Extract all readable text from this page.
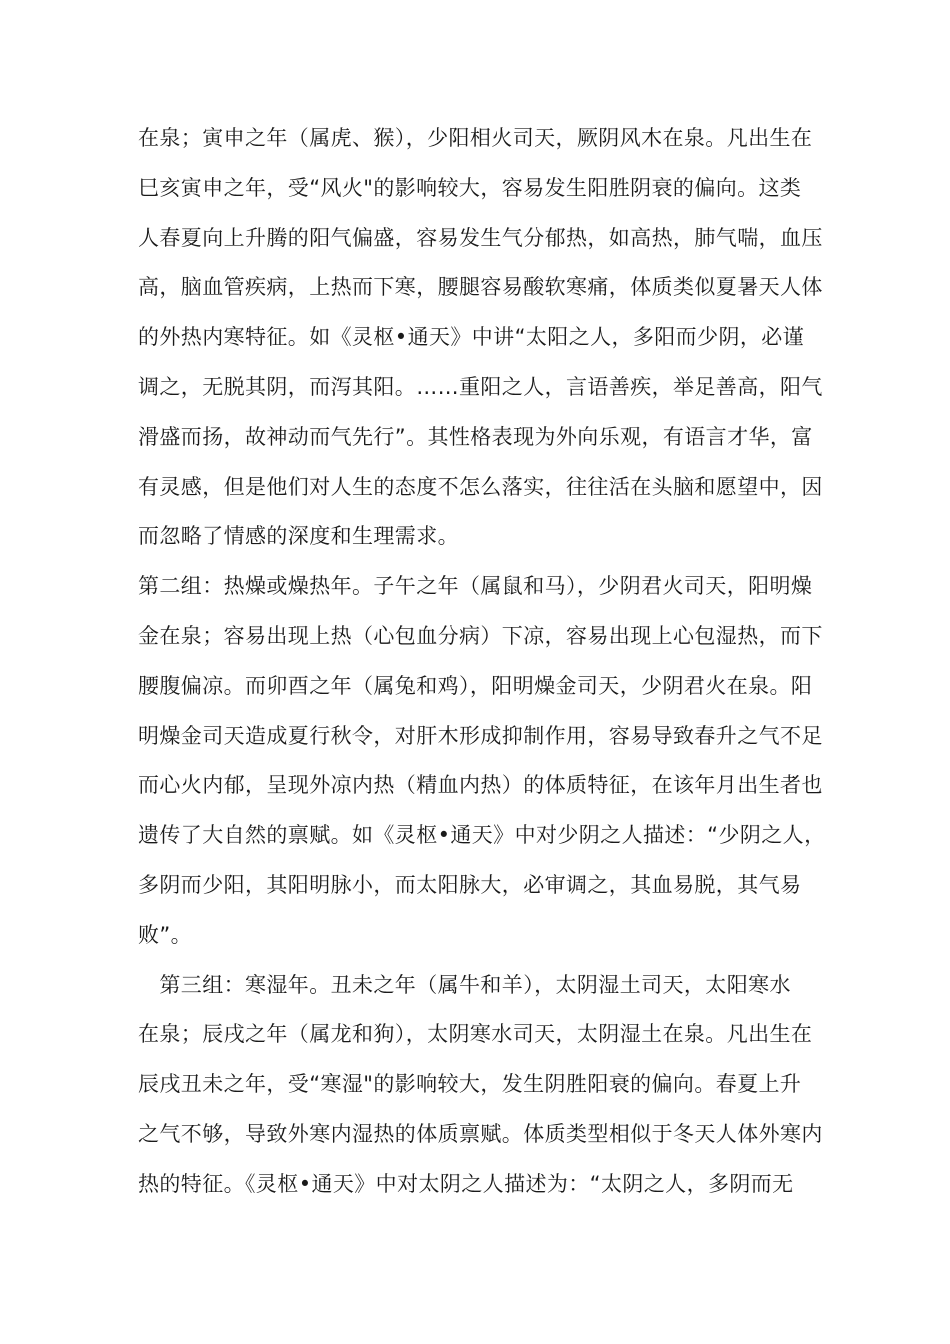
在泉；寅申之年（属虎、猴），少阳相火司天，厥阴风木在泉。凡出生在
巳亥寅申之年，受“风火"的影响较大，容易发生阳胜阴衰的偏向。这类
人春夏向上升腾的阳气偏盛，容易发生气分郁热，如高热，肺气喘，血压
高，脑血管疾病，上热而下寒，腰腿容易酸软寒痛，体质类似夏暑天人体
的外热内寒特征。如《灵枢•通天》中讲“太阳之人，多阳而少阴，必谨
调之，无脱其阴，而泻其阳。……重阳之人，言语善疾，举足善高，阳气
滑盛而扬，故神动而气先行”。其性格表现为外向乐观，有语言才华，富
有灵感，但是他们对人生的态度不怎么落实，往往活在头脑和愿望中，因
而忽略了情感的深度和生理需求。
第二组：热燥或燥热年。子午之年（属鼠和马），少阴君火司天，阳明燥
金在泉；容易出现上热（心包血分病）下凉，容易出现上心包湿热，而下
腰腹偏凉。而卯酉之年（属兔和鸡），阳明燥金司天，少阴君火在泉。阳
明燥金司天造成夏行秋令，对肝木形成抑制作用，容易导致春升之气不足
而心火内郁，呈现外凉内热（精血内热）的体质特征，在该年月出生者也
遗传了大自然的禀赋。如《灵枢•通天》中对少阴之人描述：“少阴之人，
多阴而少阳，其阳明脉小，而太阳脉大，必审调之，其血易脱，其气易
败”。
　第三组：寒湿年。丑未之年（属牛和羊），太阴湿土司天，太阳寒水
在泉；辰戌之年（属龙和狗），太阴寒水司天，太阴湿土在泉。凡出生在
辰戌丑未之年，受“寒湿"的影响较大，发生阴胜阳衰的偏向。春夏上升
之气不够，导致外寒内湿热的体质禀赋。体质类型相似于冬天人体外寒内
热的特征。《灵枢•通天》中对太阴之人描述为：“太阴之人，多阴而无
